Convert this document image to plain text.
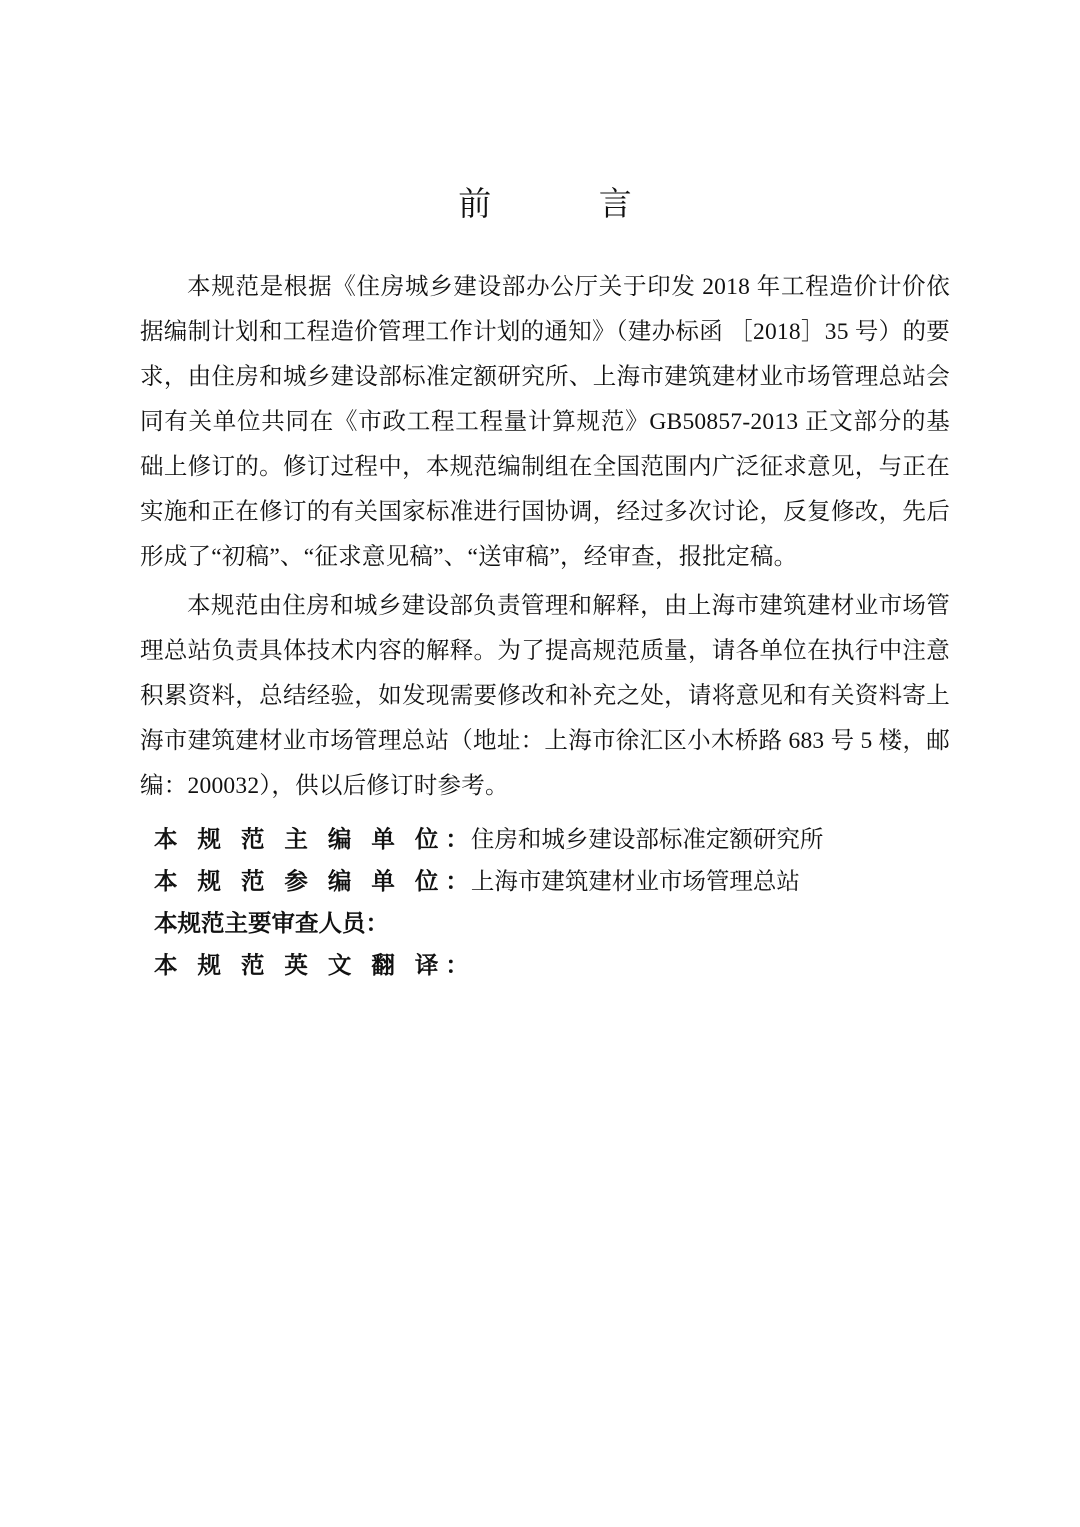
前　　言

本规范是根据《住房城乡建设部办公厅关于印发 2018 年工程造价计价依据编制计划和工程造价管理工作计划的通知》（建办标函 ［2018］35 号）的要求，由住房和城乡建设部标准定额研究所、上海市建筑建材业市场管理总站会同有关单位共同在《市政工程工程量计算规范》GB50857-2013 正文部分的基础上修订的。修订过程中，本规范编制组在全国范围内广泛征求意见，与正在实施和正在修订的有关国家标准进行国协调，经过多次讨论，反复修改，先后形成了“初稿”、“征求意见稿”、“送审稿”，经审查，报批定稿。

本规范由住房和城乡建设部负责管理和解释，由上海市建筑建材业市场管理总站负责具体技术内容的解释。为了提高规范质量，请各单位在执行中注意积累资料，总结经验，如发现需要修改和补充之处，请将意见和有关资料寄上海市建筑建材业市场管理总站（地址：上海市徐汇区小木桥路 683 号 5 楼，邮编：200032），供以后修订时参考。

本 规 范 主 编 单 位 ： 住房和城乡建设部标准定额研究所
本 规 范 参 编 单 位 ： 上海市建筑建材业市场管理总站
本规范主要审查人员 ：
本 规 范 英 文 翻 译 ：
